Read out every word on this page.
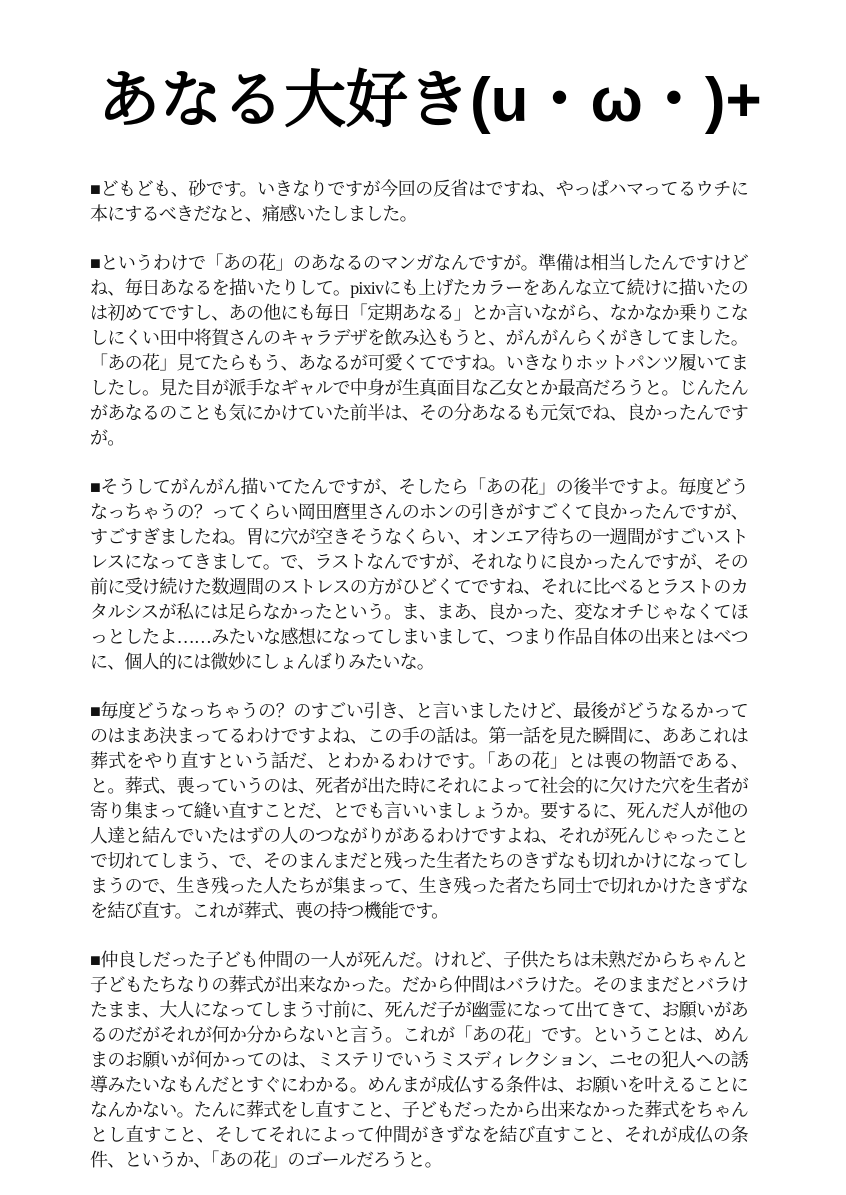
あなる大好き(u・ω・)+

■どもども、砂です。いきなりですが今回の反省はですね、やっぱハマってるウチに本にするべきだなと、痛感いたしました。

■というわけで「あの花」のあなるのマンガなんですが。準備は相当したんですけどね、毎日あなるを描いたりして。pixivにも上げたカラーをあんな立て続けに描いたのは初めてですし、あの他にも毎日「定期あなる」とか言いながら、なかなか乗りこなしにくい田中将賀さんのキャラデザを飲み込もうと、がんがんらくがきしてました。「あの花」見てたらもう、あなるが可愛くてですね。いきなりホットパンツ履いてましたし。見た目が派手なギャルで中身が生真面目な乙女とか最高だろうと。じんたんがあなるのことも気にかけていた前半は、その分あなるも元気でね、良かったんですが。

■そうしてがんがん描いてたんですが、そしたら「あの花」の後半ですよ。毎度どうなっちゃうの？ってくらい岡田麿里さんのホンの引きがすごくて良かったんですが、すごすぎましたね。胃に穴が空きそうなくらい、オンエア待ちの一週間がすごいストレスになってきまして。で、ラストなんですが、それなりに良かったんですが、その前に受け続けた数週間のストレスの方がひどくてですね、それに比べるとラストのカタルシスが私には足らなかったという。ま、まあ、良かった、変なオチじゃなくてほっとしたよ……みたいな感想になってしまいまして、つまり作品自体の出来とはべつに、個人的には微妙にしょんぼりみたいな。

■毎度どうなっちゃうの？のすごい引き、と言いましたけど、最後がどうなるかってのはまあ決まってるわけですよね、この手の話は。第一話を見た瞬間に、ああこれは葬式をやり直すという話だ、とわかるわけです。「あの花」とは喪の物語である、と。葬式、喪っていうのは、死者が出た時にそれによって社会的に欠けた穴を生者が寄り集まって縫い直すことだ、とでも言いいましょうか。要するに、死んだ人が他の人達と結んでいたはずの人のつながりがあるわけですよね、それが死んじゃったことで切れてしまう、で、そのまんまだと残った生者たちのきずなも切れかけになってしまうので、生き残った人たちが集まって、生き残った者たち同士で切れかけたきずなを結び直す。これが葬式、喪の持つ機能です。

■仲良しだった子ども仲間の一人が死んだ。けれど、子供たちは未熟だからちゃんと子どもたちなりの葬式が出来なかった。だから仲間はバラけた。そのままだとバラけたまま、大人になってしまう寸前に、死んだ子が幽霊になって出てきて、お願いがあるのだがそれが何か分からないと言う。これが「あの花」です。ということは、めんまのお願いが何かってのは、ミステリでいうミスディレクション、ニセの犯人への誘導みたいなもんだとすぐにわかる。めんまが成仏する条件は、お願いを叶えることになんかない。たんに葬式をし直すこと、子どもだったから出来なかった葬式をちゃんとし直すこと、そしてそれによって仲間がきずなを結び直すこと、それが成仏の条件、というか、「あの花」のゴールだろうと。
